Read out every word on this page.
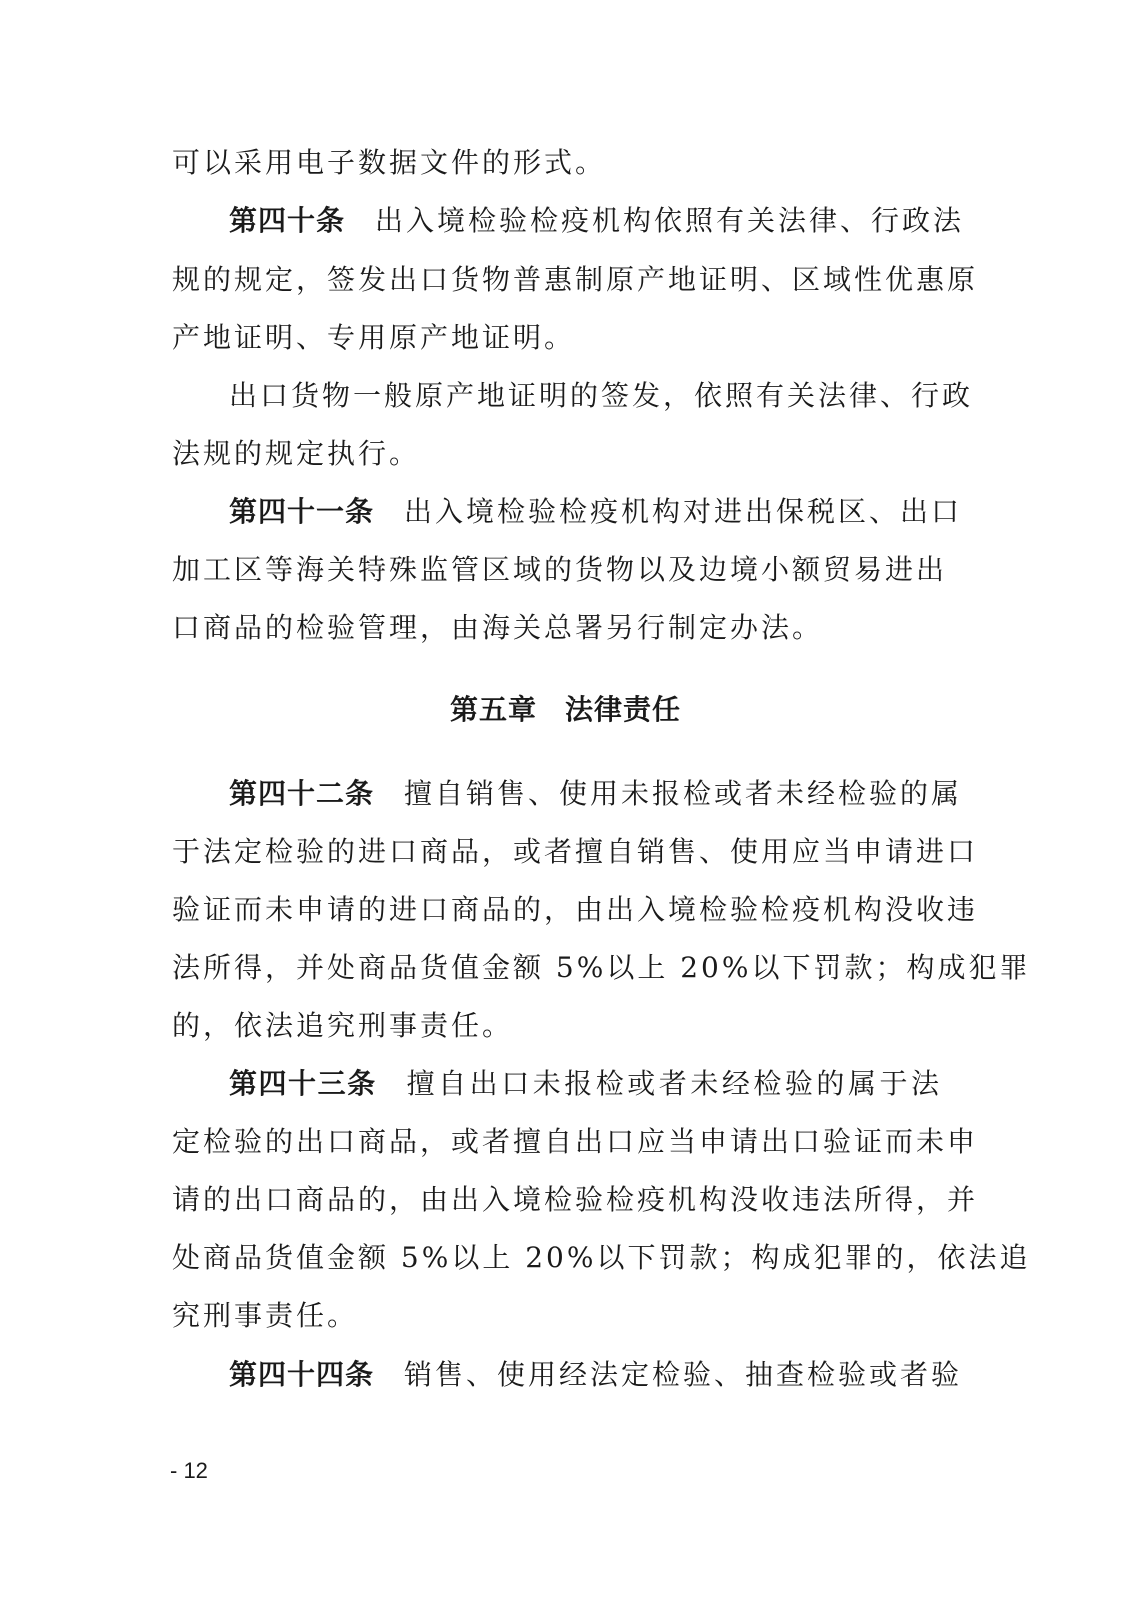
可以采用电子数据文件的形式。
第四十条 出入境检验检疫机构依照有关法律、行政法
规的规定，签发出口货物普惠制原产地证明、区域性优惠原
产地证明、专用原产地证明。
出口货物一般原产地证明的签发，依照有关法律、行政
法规的规定执行。
第四十一条 出入境检验检疫机构对进出保税区、出口
加工区等海关特殊监管区域的货物以及边境小额贸易进出
口商品的检验管理，由海关总署另行制定办法。
第五章 法律责任
第四十二条 擅自销售、使用未报检或者未经检验的属
于法定检验的进口商品，或者擅自销售、使用应当申请进口
验证而未申请的进口商品的，由出入境检验检疫机构没收违
法所得，并处商品货值金额 5%以上 20%以下罚款；构成犯罪
的，依法追究刑事责任。
第四十三条 擅自出口未报检或者未经检验的属于法
定检验的出口商品，或者擅自出口应当申请出口验证而未申
请的出口商品的，由出入境检验检疫机构没收违法所得，并
处商品货值金额 5%以上 20%以下罚款；构成犯罪的，依法追
究刑事责任。
第四十四条 销售、使用经法定检验、抽查检验或者验
- 12
